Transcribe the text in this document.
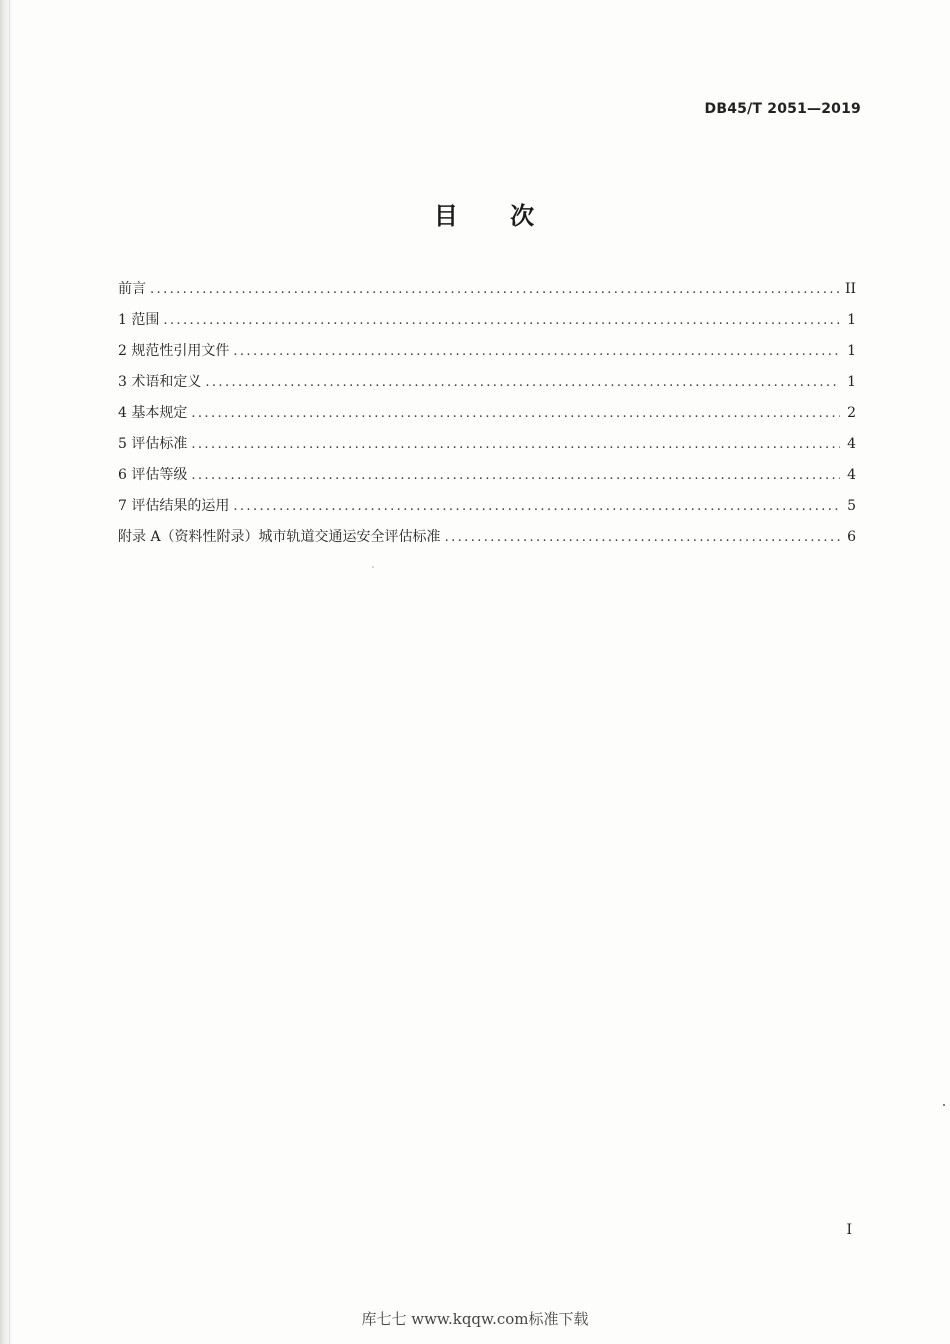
DB45/T 2051—2019
目 次
前言 .....	II
1 范围 .....	1
2 规范性引用文件 .....	1
3 术语和定义 .....	1
4 基本规定 .....	2
5 评估标准 .....	4
6 评估等级 .....	4
7 评估结果的运用 .....	5
附录 A（资料性附录）城市轨道交通运安全评估标准 .....	6
I
库七七 www.kqqw.com标准下载
